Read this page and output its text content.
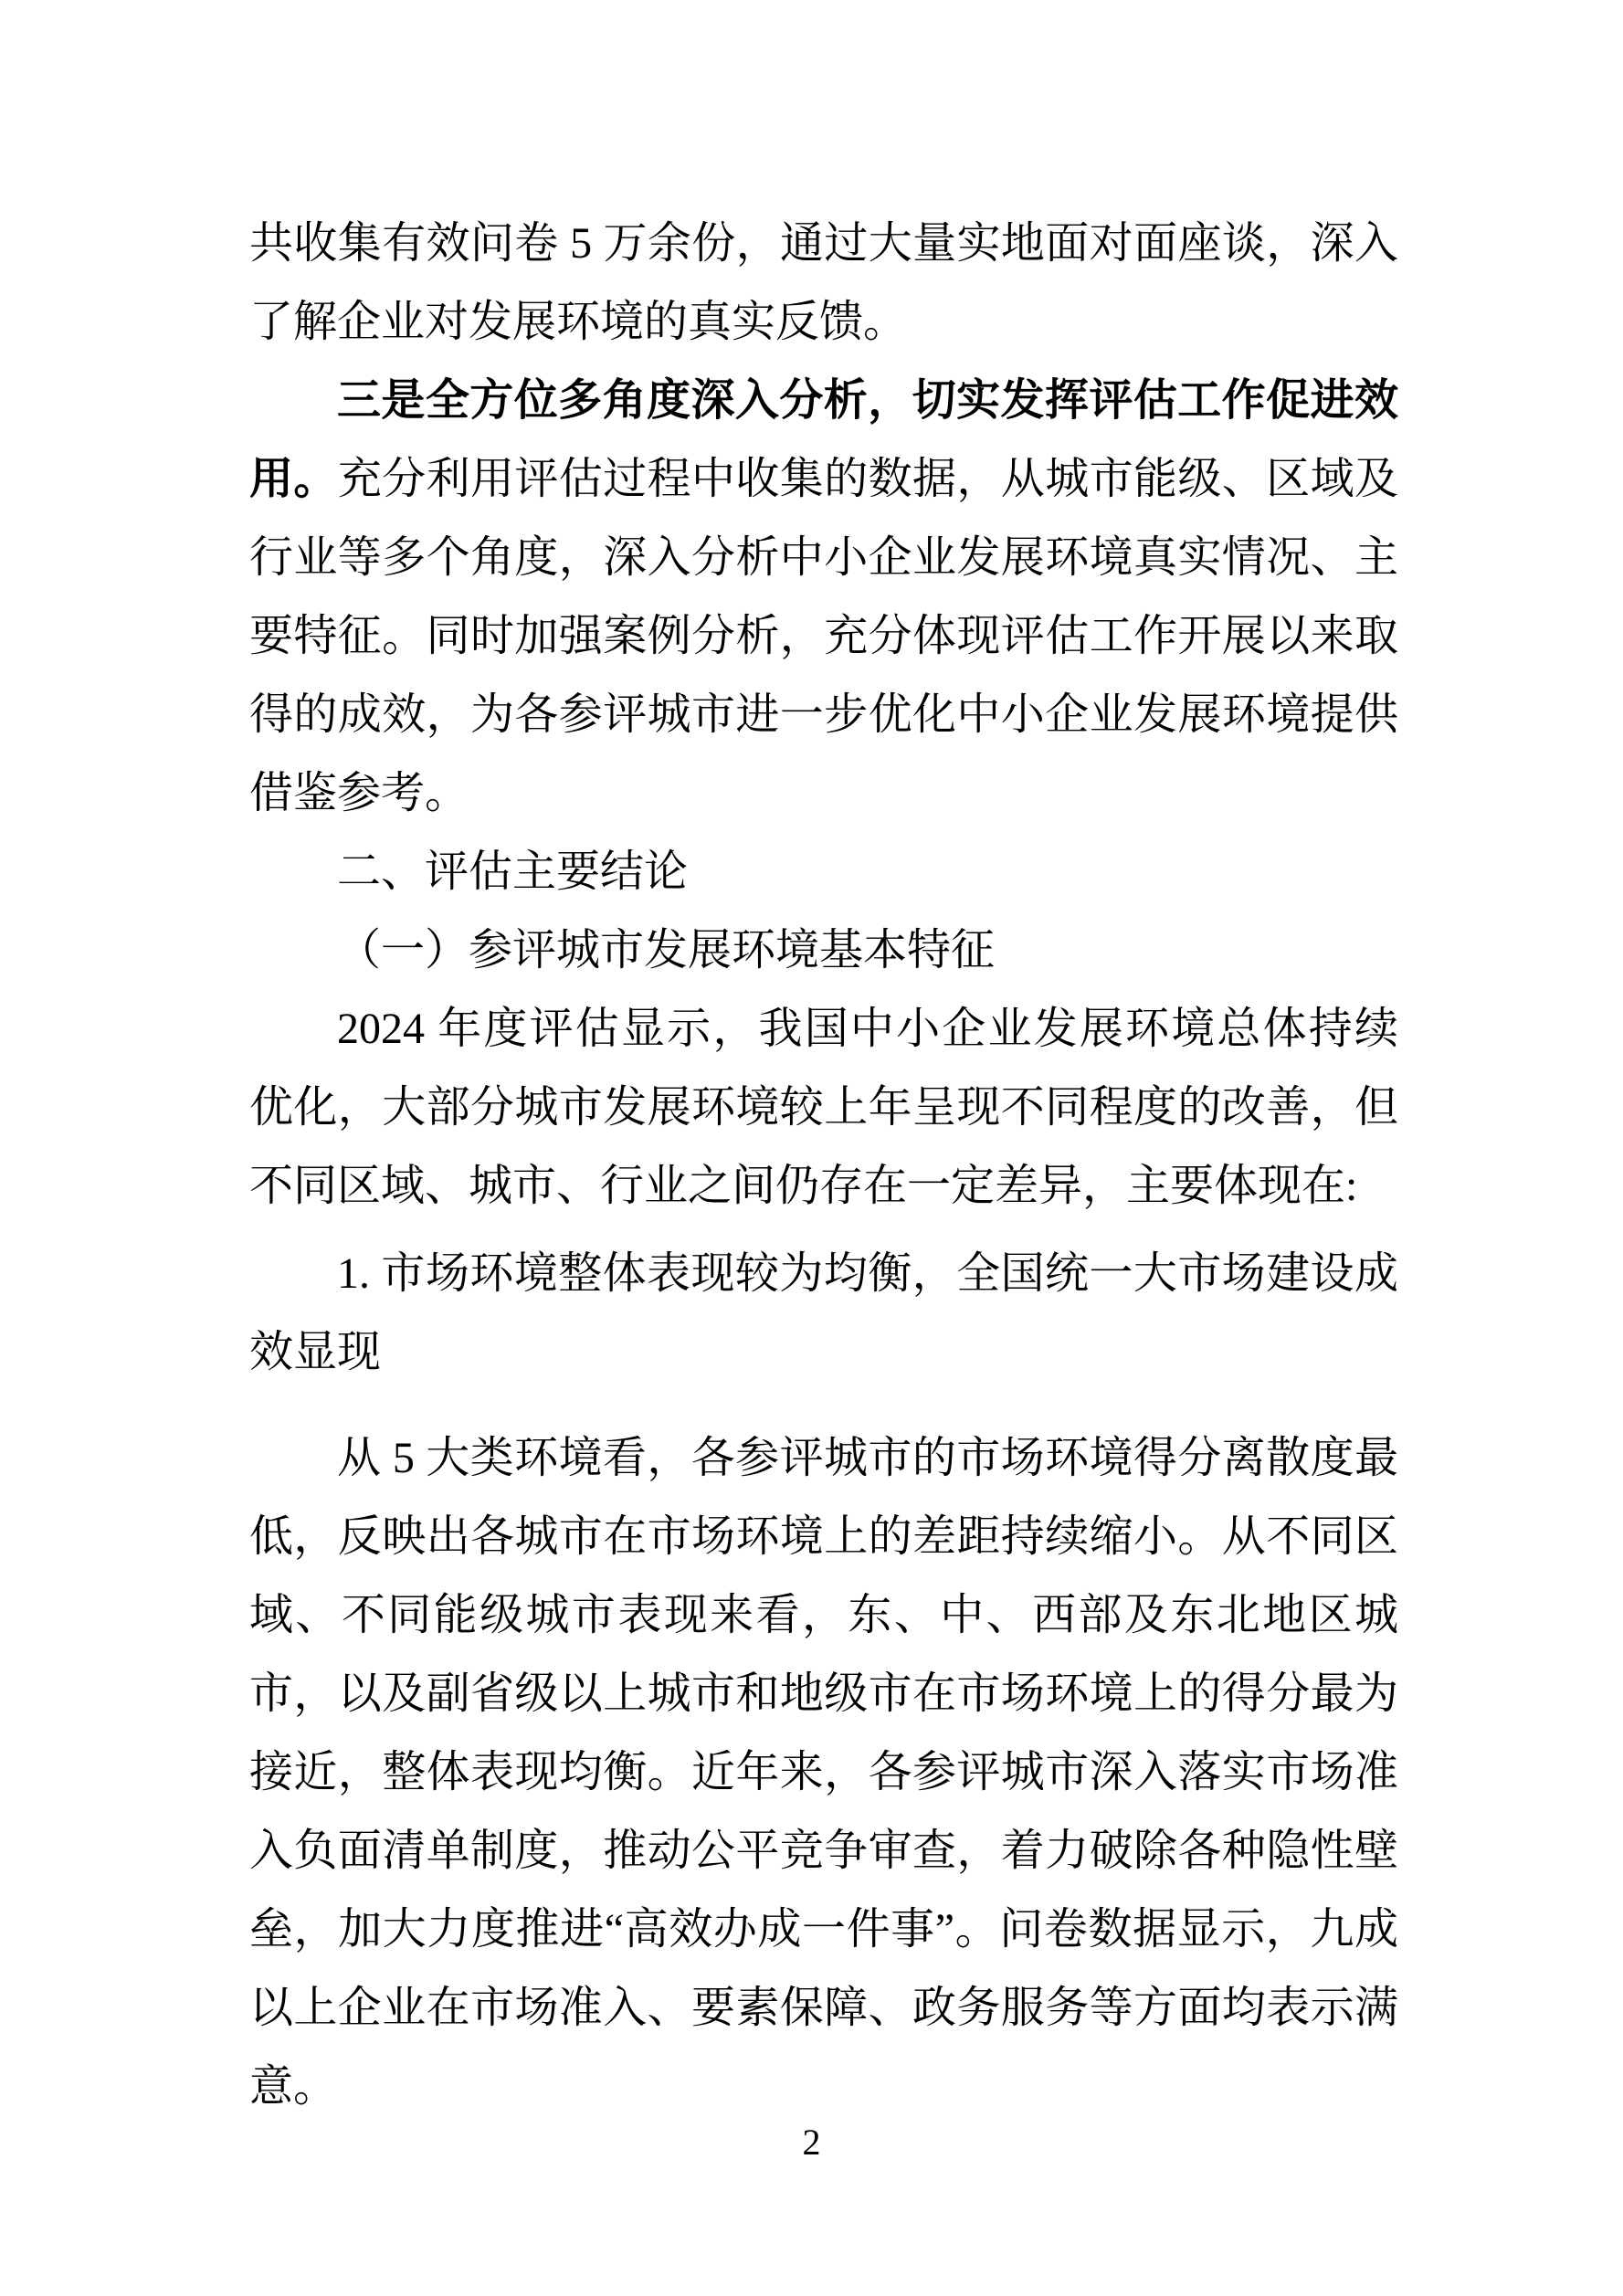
共收集有效问卷 5 万余份，通过大量实地面对面座谈，深入了解企业对发展环境的真实反馈。

三是全方位多角度深入分析，切实发挥评估工作促进效用。充分利用评估过程中收集的数据，从城市能级、区域及行业等多个角度，深入分析中小企业发展环境真实情况、主要特征。同时加强案例分析，充分体现评估工作开展以来取得的成效，为各参评城市进一步优化中小企业发展环境提供借鉴参考。

二、评估主要结论
（一）参评城市发展环境基本特征

2024 年度评估显示，我国中小企业发展环境总体持续优化，大部分城市发展环境较上年呈现不同程度的改善，但不同区域、城市、行业之间仍存在一定差异，主要体现在:

1. 市场环境整体表现较为均衡，全国统一大市场建设成效显现

从 5 大类环境看，各参评城市的市场环境得分离散度最低，反映出各城市在市场环境上的差距持续缩小。从不同区域、不同能级城市表现来看，东、中、西部及东北地区城市，以及副省级以上城市和地级市在市场环境上的得分最为接近，整体表现均衡。近年来，各参评城市深入落实市场准入负面清单制度，推动公平竞争审查，着力破除各种隐性壁垒，加大力度推进“高效办成一件事”。问卷数据显示，九成以上企业在市场准入、要素保障、政务服务等方面均表示满意。

2
